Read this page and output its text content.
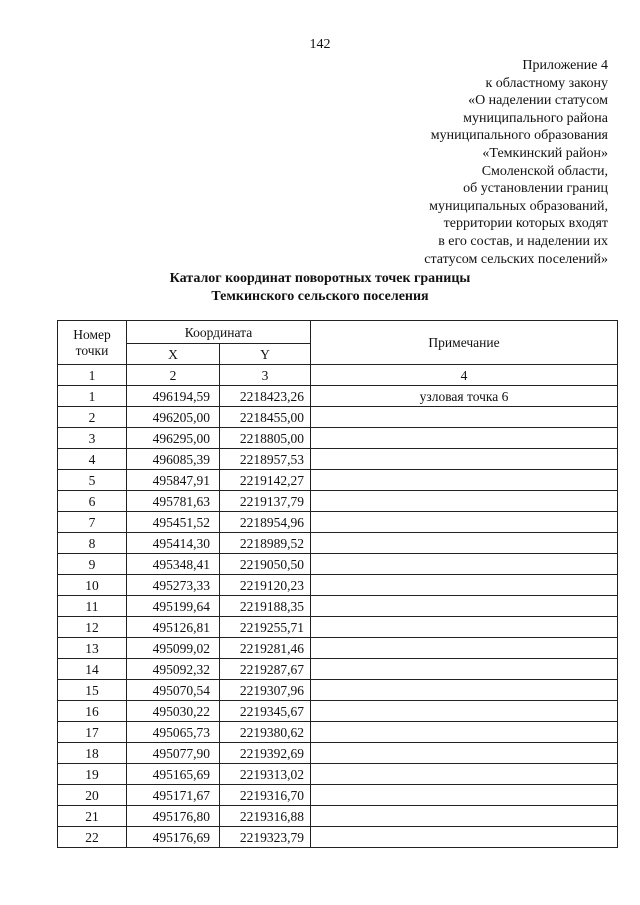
142
Приложение 4
к областному закону
«О наделении статусом
муниципального района
муниципального образования
«Темкинский район»
Смоленской области,
об установлении границ
муниципальных образований,
территории которых входят
в его состав, и наделении их
статусом сельских поселений»
Каталог координат поворотных точек границы
Темкинского сельского поселения
Номер точки	Координата		Примечание
	X	Y	
1	2	3	4
1	496194,59	2218423,26	узловая точка 6
2	496205,00	2218455,00	
3	496295,00	2218805,00	
4	496085,39	2218957,53	
5	495847,91	2219142,27	
6	495781,63	2219137,79	
7	495451,52	2218954,96	
8	495414,30	2218989,52	
9	495348,41	2219050,50	
10	495273,33	2219120,23	
11	495199,64	2219188,35	
12	495126,81	2219255,71	
13	495099,02	2219281,46	
14	495092,32	2219287,67	
15	495070,54	2219307,96	
16	495030,22	2219345,67	
17	495065,73	2219380,62	
18	495077,90	2219392,69	
19	495165,69	2219313,02	
20	495171,67	2219316,70	
21	495176,80	2219316,88	
22	495176,69	2219323,79	
